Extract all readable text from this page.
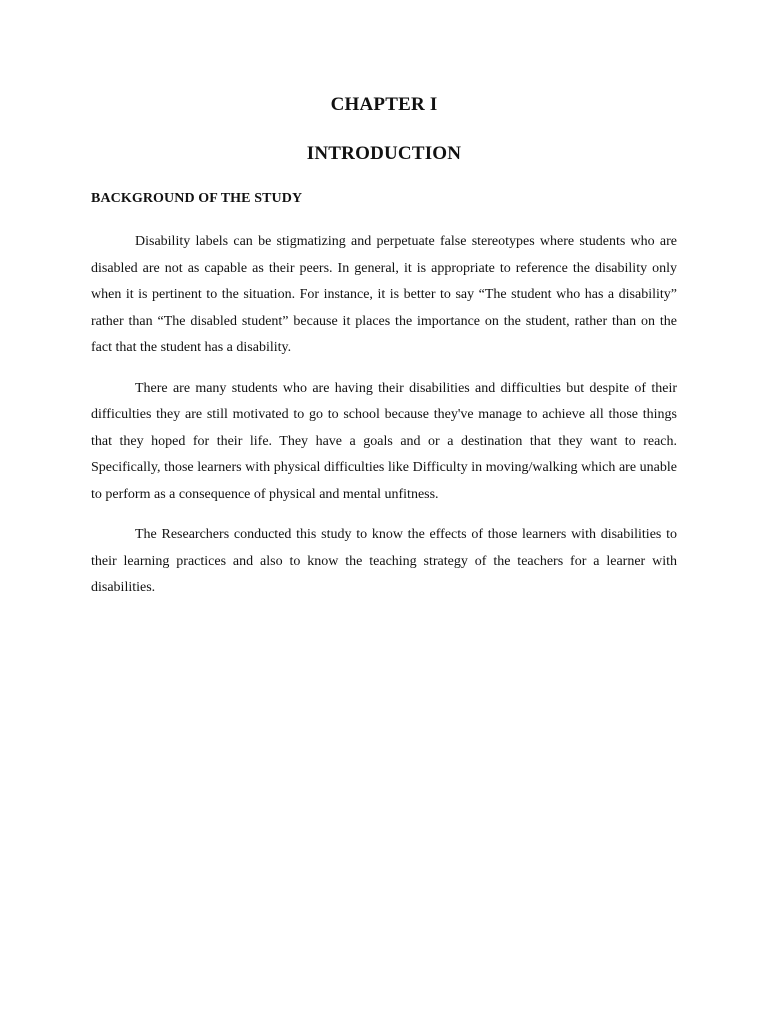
CHAPTER I
INTRODUCTION
BACKGROUND OF THE STUDY

Disability labels can be stigmatizing and perpetuate false stereotypes where students who are disabled are not as capable as their peers. In general, it is appropriate to reference the disability only when it is pertinent to the situation. For instance, it is better to say “The student who has a disability” rather than “The disabled student” because it places the importance on the student, rather than on the fact that the student has a disability.

There are many students who are having their disabilities and difficulties but despite of their difficulties they are still motivated to go to school because they've manage to achieve all those things that they hoped for their life. They have a goals and or a destination that they want to reach. Specifically, those learners with physical difficulties like Difficulty in moving/walking which are unable to perform as a consequence of physical and mental unfitness.

The Researchers conducted this study to know the effects of those learners with disabilities to their learning practices and also to know the teaching strategy of the teachers for a learner with disabilities.
